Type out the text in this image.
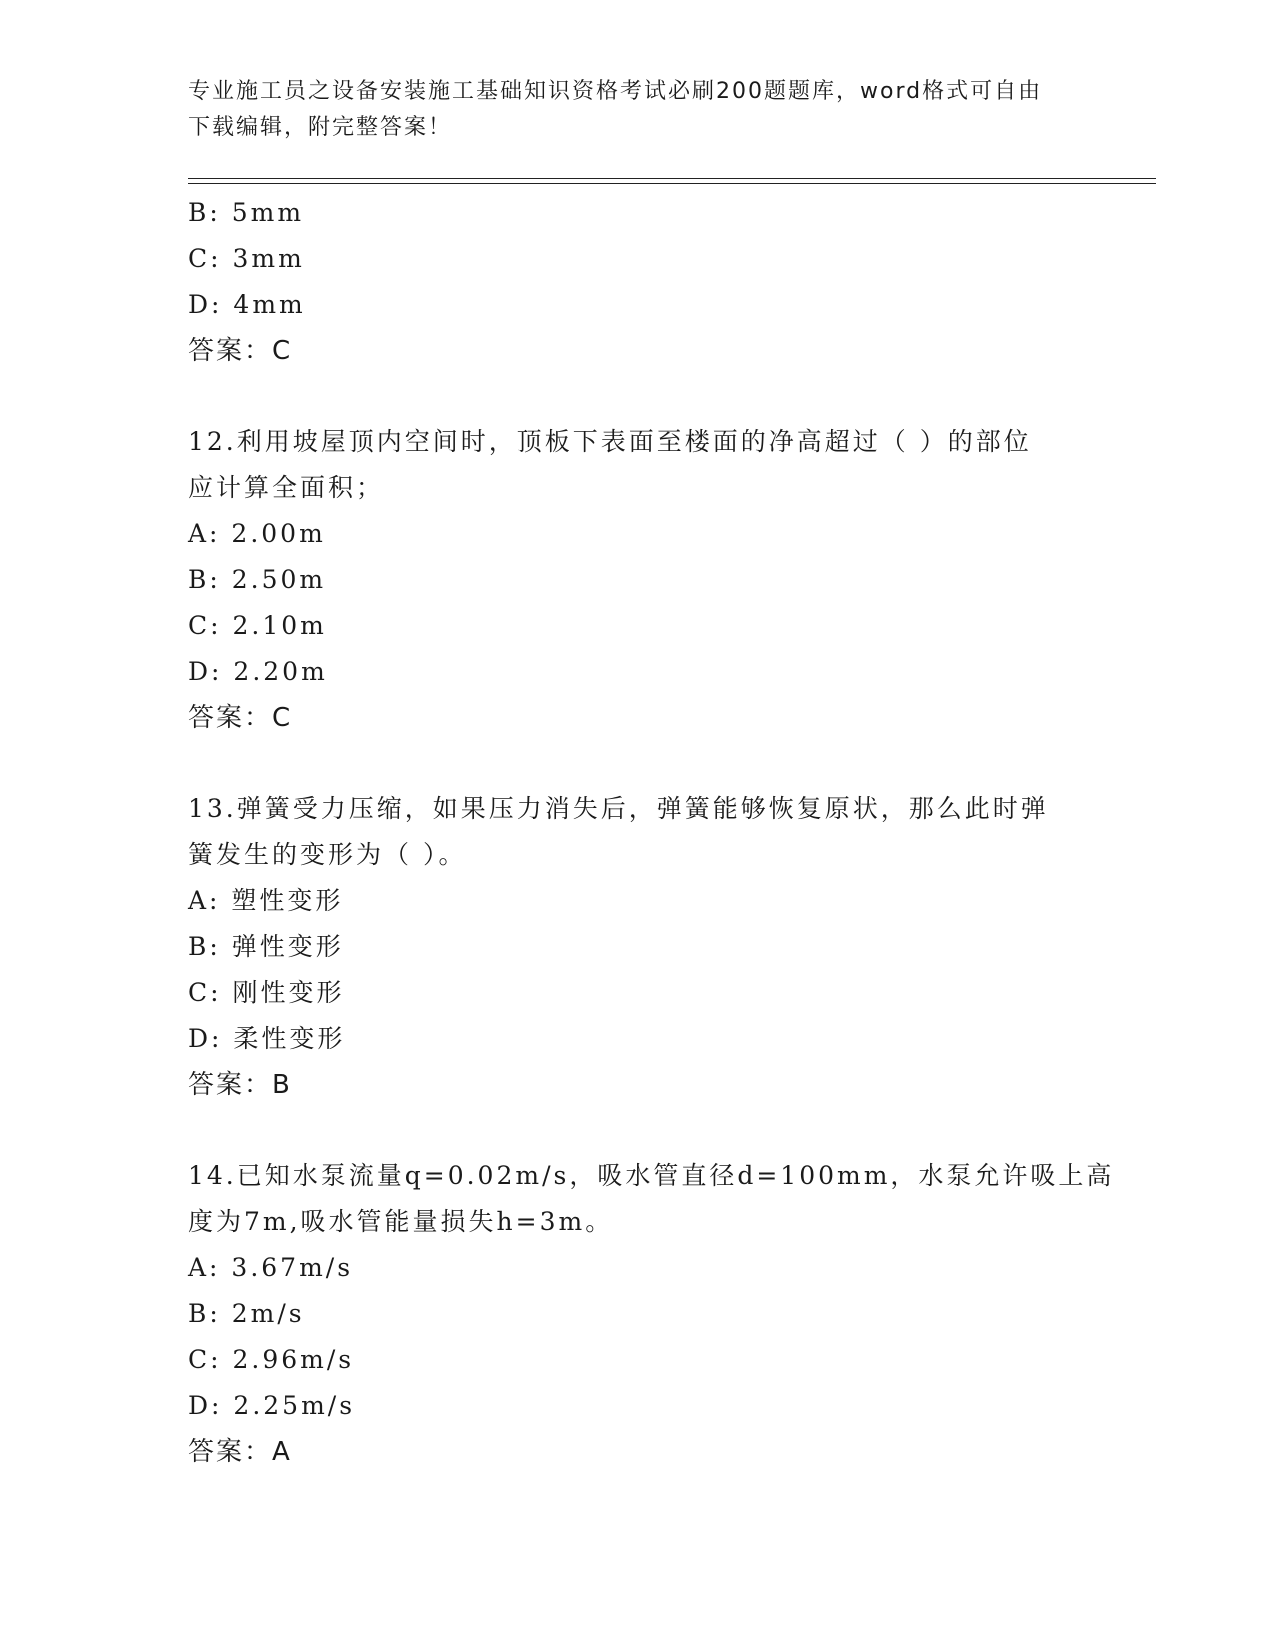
专业施工员之设备安装施工基础知识资格考试必刷200题题库，word格式可自由
下载编辑，附完整答案！
B: 5mm
C: 3mm
D: 4mm
答案：C
12.利用坡屋顶内空间时，顶板下表面至楼面的净高超过（ ）的部位
应计算全面积；
A: 2.00m
B: 2.50m
C: 2.10m
D: 2.20m
答案：C
13.弹簧受力压缩，如果压力消失后，弹簧能够恢复原状，那么此时弹
簧发生的变形为（ ）。
A: 塑性变形
B: 弹性变形
C: 刚性变形
D: 柔性变形
答案：B
14.已知水泵流量q=0.02m/s，吸水管直径d=100mm，水泵允许吸上高
度为7m,吸水管能量损失h=3m。
A: 3.67m/s
B: 2m/s
C: 2.96m/s
D: 2.25m/s
答案：A
